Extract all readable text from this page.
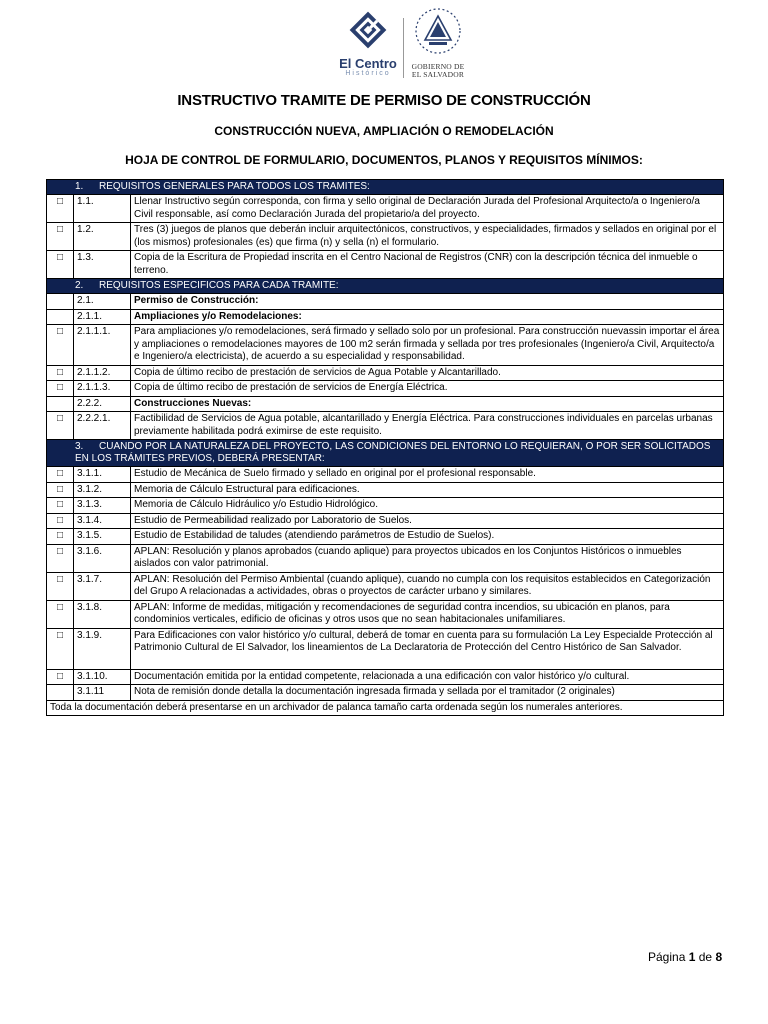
El Centro
Histórico
GOBIERNO DE
EL SALVADOR
INSTRUCTIVO TRAMITE DE PERMISO DE CONSTRUCCIÓN
CONSTRUCCIÓN NUEVA, AMPLIACIÓN O REMODELACIÓN
HOJA DE CONTROL DE FORMULARIO, DOCUMENTOS, PLANOS Y REQUISITOS MÍNIMOS:
1. REQUISITOS GENERALES PARA TODOS LOS TRAMITES:		
□	1.1.	Llenar Instructivo según corresponda, con firma y sello original de Declaración Jurada del Profesional Arquitecto/a o Ingeniero/a Civil responsable, así como Declaración Jurada del propietario/a del proyecto.
□	1.2.	Tres (3) juegos de planos que deberán incluir arquitectónicos, constructivos, y especialidades, firmados y sellados en original por el (los mismos) profesionales (es) que firma (n) y sella (n) el formulario.
□	1.3.	Copia de la Escritura de Propiedad inscrita en el Centro Nacional de Registros (CNR) con la descripción técnica del inmueble o terreno.
2. REQUISITOS ESPECIFICOS PARA CADA TRAMITE:		
	2.1.	Permiso de Construcción:
	2.1.1.	Ampliaciones y/o Remodelaciones:
□	2.1.1.1.	Para ampliaciones y/o remodelaciones, será firmado y sellado solo por un profesional. Para construcción nuevassin importar el área y ampliaciones o remodelaciones mayores de 100 m2 serán firmada y sellada por tres profesionales (Ingeniero/a Civil, Arquitecto/a e Ingeniero/a electricista), de acuerdo a su especialidad y responsabilidad.
□	2.1.1.2.	Copia de último recibo de prestación de servicios de Agua Potable y Alcantarillado.
□	2.1.1.3.	Copia de último recibo de prestación de servicios de Energía Eléctrica.
	2.2.2.	Construcciones Nuevas:
□	2.2.2.1.	Factibilidad de Servicios de Agua potable, alcantarillado y Energía Eléctrica. Para construcciones individuales en parcelas urbanas previamente habilitada podrá eximirse de este requisito.
3. CUANDO POR LA NATURALEZA DEL PROYECTO, LAS CONDICIONES DEL ENTORNO LO REQUIERAN, O POR SER SOLICITADOS EN LOS TRÁMITES PREVIOS, DEBERÁ PRESENTAR:		
□	3.1.1.	Estudio de Mecánica de Suelo firmado y sellado en original por el profesional responsable.
□	3.1.2.	Memoria de Cálculo Estructural para edificaciones.
□	3.1.3.	Memoria de Cálculo Hidráulico y/o Estudio Hidrológico.
□	3.1.4.	Estudio de Permeabilidad realizado por Laboratorio de Suelos.
□	3.1.5.	Estudio de Estabilidad de taludes (atendiendo parámetros de Estudio de Suelos).
□	3.1.6.	APLAN: Resolución y planos aprobados (cuando aplique) para proyectos ubicados en los Conjuntos Históricos o inmuebles aislados con valor patrimonial.
□	3.1.7.	APLAN: Resolución del Permiso Ambiental (cuando aplique), cuando no cumpla con los requisitos establecidos en Categorización del Grupo A relacionadas a actividades, obras o proyectos de carácter urbano y similares.
□	3.1.8.	APLAN: Informe de medidas, mitigación y recomendaciones de seguridad contra incendios, su ubicación en planos, para condominios verticales, edificio de oficinas y otros usos que no sean habitacionales unifamiliares.
□	3.1.9.	Para Edificaciones con valor histórico y/o cultural, deberá de tomar en cuenta para su formulación La Ley Especialde Protección al Patrimonio Cultural de El Salvador, los lineamientos de La Declaratoria de Protección del Centro Histórico de San Salvador.
□	3.1.10.	Documentación emitida por la entidad competente, relacionada a una edificación con valor histórico y/o cultural.
	3.1.11	Nota de remisión donde detalla la documentación ingresada firmada y sellada por el tramitador (2 originales)
Toda la documentación deberá presentarse en un archivador de palanca tamaño carta ordenada según los numerales anteriores.		
Página 1 de 8
